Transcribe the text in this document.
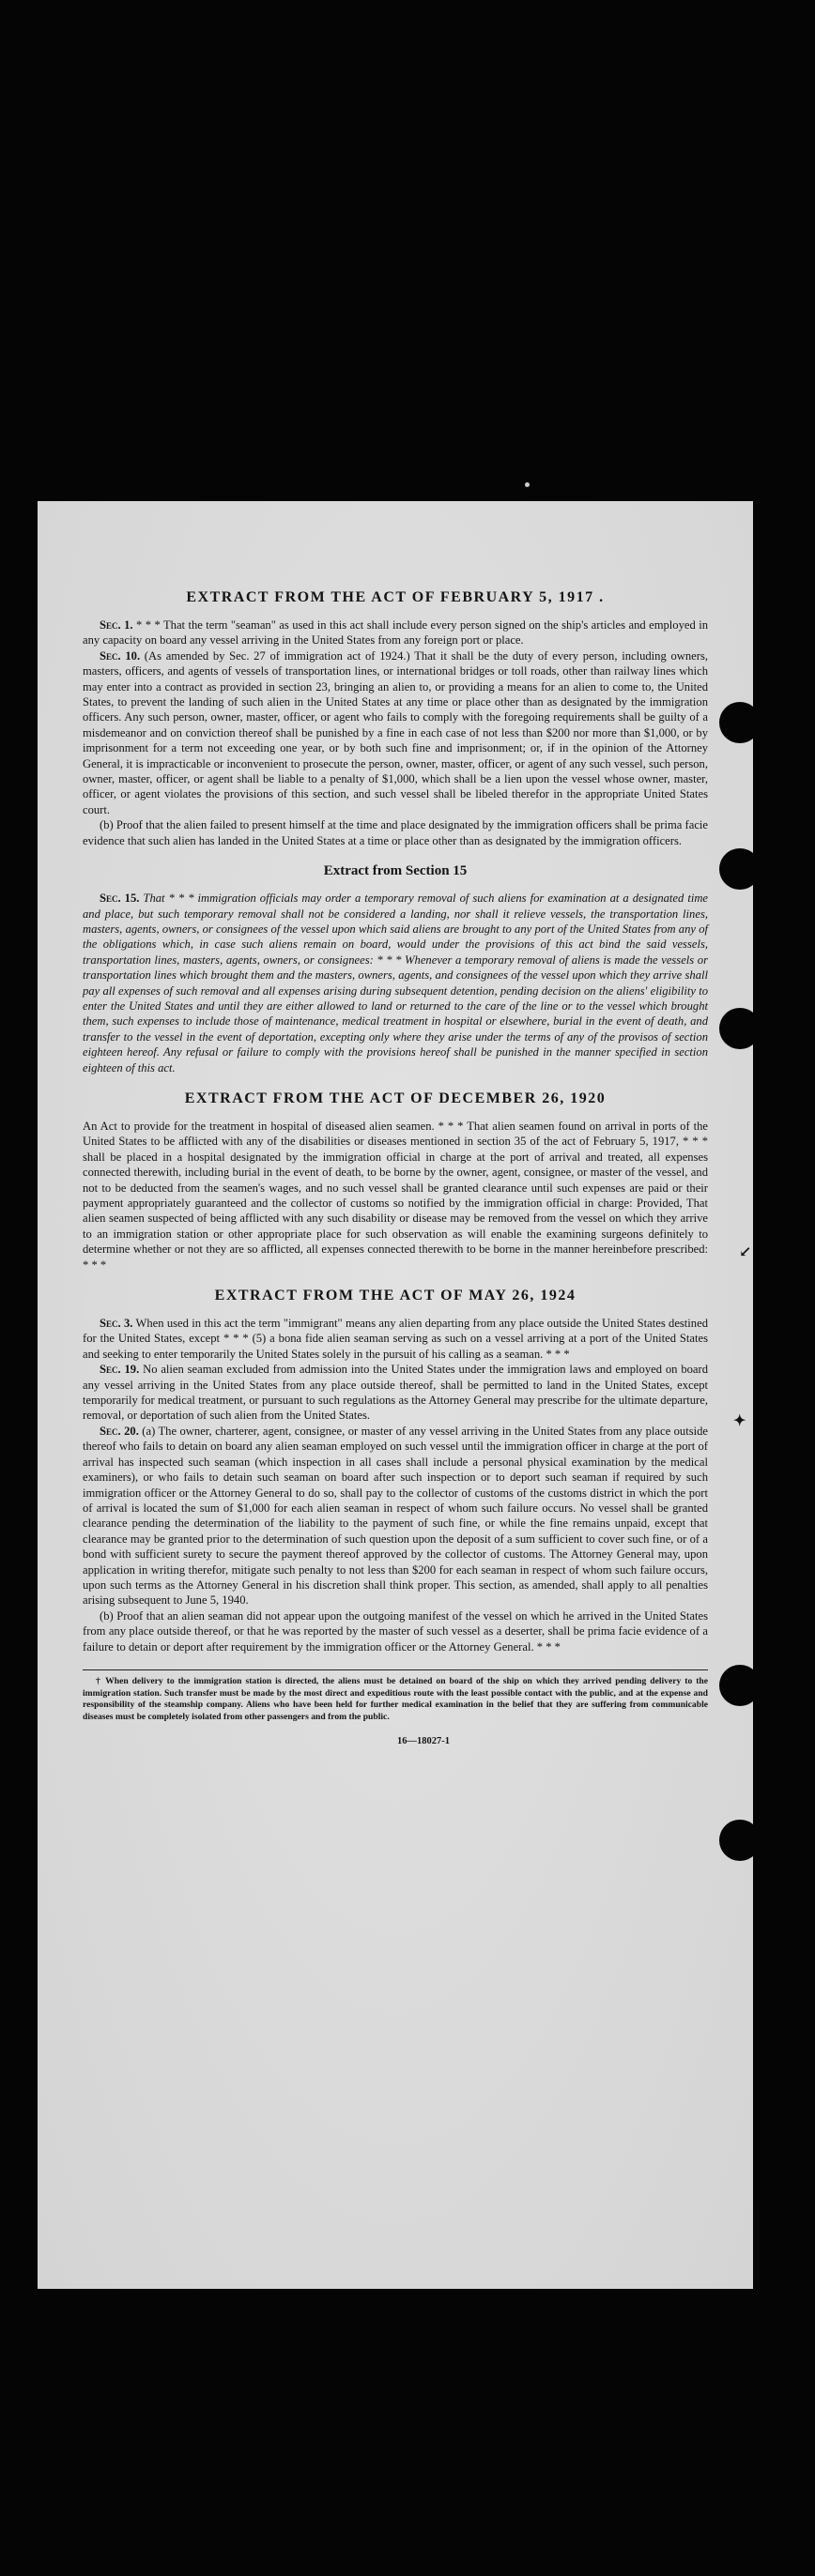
↙
✦
EXTRACT FROM THE ACT OF FEBRUARY 5, 1917 .

Sec. 1. * * * That the term "seaman" as used in this act shall include every person signed on the ship's articles and employed in any capacity on board any vessel arriving in the United States from any foreign port or place.

Sec. 10. (As amended by Sec. 27 of immigration act of 1924.) That it shall be the duty of every person, including owners, masters, officers, and agents of vessels of transportation lines, or international bridges or toll roads, other than railway lines which may enter into a contract as provided in section 23, bringing an alien to, or providing a means for an alien to come to, the United States, to prevent the landing of such alien in the United States at any time or place other than as designated by the immigration officers. Any such person, owner, master, officer, or agent who fails to comply with the foregoing requirements shall be guilty of a misdemeanor and on conviction thereof shall be punished by a fine in each case of not less than $200 nor more than $1,000, or by imprisonment for a term not exceeding one year, or by both such fine and imprisonment; or, if in the opinion of the Attorney General, it is impracticable or inconvenient to prosecute the person, owner, master, officer, or agent of any such vessel, such person, owner, master, officer, or agent shall be liable to a penalty of $1,000, which shall be a lien upon the vessel whose owner, master, officer, or agent violates the provisions of this section, and such vessel shall be libeled therefor in the appropriate United States court.

(b) Proof that the alien failed to present himself at the time and place designated by the immigration officers shall be prima facie evidence that such alien has landed in the United States at a time or place other than as designated by the immigration officers.

Extract from Section 15

Sec. 15. That * * * immigration officials may order a temporary removal of such aliens for examination at a designated time and place, but such temporary removal shall not be considered a landing, nor shall it relieve vessels, the transportation lines, masters, agents, owners, or consignees of the vessel upon which said aliens are brought to any port of the United States from any of the obligations which, in case such aliens remain on board, would under the provisions of this act bind the said vessels, transportation lines, masters, agents, owners, or consignees: * * * Whenever a temporary removal of aliens is made the vessels or transportation lines which brought them and the masters, owners, agents, and consignees of the vessel upon which they arrive shall pay all expenses of such removal and all expenses arising during subsequent detention, pending decision on the aliens' eligibility to enter the United States and until they are either allowed to land or returned to the care of the line or to the vessel which brought them, such expenses to include those of maintenance, medical treatment in hospital or elsewhere, burial in the event of death, and transfer to the vessel in the event of deportation, excepting only where they arise under the terms of any of the provisos of section eighteen hereof. Any refusal or failure to comply with the provisions hereof shall be punished in the manner specified in section eighteen of this act.

EXTRACT FROM THE ACT OF DECEMBER 26, 1920

An Act to provide for the treatment in hospital of diseased alien seamen. * * * That alien seamen found on arrival in ports of the United States to be afflicted with any of the disabilities or diseases mentioned in section 35 of the act of February 5, 1917, * * * shall be placed in a hospital designated by the immigration official in charge at the port of arrival and treated, all expenses connected therewith, including burial in the event of death, to be borne by the owner, agent, consignee, or master of the vessel, and not to be deducted from the seamen's wages, and no such vessel shall be granted clearance until such expenses are paid or their payment appropriately guaranteed and the collector of customs so notified by the immigration official in charge: Provided, That alien seamen suspected of being afflicted with any such disability or disease may be removed from the vessel on which they arrive to an immigration station or other appropriate place for such observation as will enable the examining surgeons definitely to determine whether or not they are so afflicted, all expenses connected therewith to be borne in the manner hereinbefore prescribed: * * *

EXTRACT FROM THE ACT OF MAY 26, 1924

Sec. 3. When used in this act the term "immigrant" means any alien departing from any place outside the United States destined for the United States, except * * * (5) a bona fide alien seaman serving as such on a vessel arriving at a port of the United States and seeking to enter temporarily the United States solely in the pursuit of his calling as a seaman. * * *

Sec. 19. No alien seaman excluded from admission into the United States under the immigration laws and employed on board any vessel arriving in the United States from any place outside thereof, shall be permitted to land in the United States, except temporarily for medical treatment, or pursuant to such regulations as the Attorney General may prescribe for the ultimate departure, removal, or deportation of such alien from the United States.

Sec. 20. (a) The owner, charterer, agent, consignee, or master of any vessel arriving in the United States from any place outside thereof who fails to detain on board any alien seaman employed on such vessel until the immigration officer in charge at the port of arrival has inspected such seaman (which inspection in all cases shall include a personal physical examination by the medical examiners), or who fails to detain such seaman on board after such inspection or to deport such seaman if required by such immigration officer or the Attorney General to do so, shall pay to the collector of customs of the customs district in which the port of arrival is located the sum of $1,000 for each alien seaman in respect of whom such failure occurs. No vessel shall be granted clearance pending the determination of the liability to the payment of such fine, or while the fine remains unpaid, except that clearance may be granted prior to the determination of such question upon the deposit of a sum sufficient to cover such fine, or of a bond with sufficient surety to secure the payment thereof approved by the collector of customs. The Attorney General may, upon application in writing therefor, mitigate such penalty to not less than $200 for each seaman in respect of whom such failure occurs, upon such terms as the Attorney General in his discretion shall think proper. This section, as amended, shall apply to all penalties arising subsequent to June 5, 1940.

(b) Proof that an alien seaman did not appear upon the outgoing manifest of the vessel on which he arrived in the United States from any place outside thereof, or that he was reported by the master of such vessel as a deserter, shall be prima facie evidence of a failure to detain or deport after requirement by the immigration officer or the Attorney General. * * *

† When delivery to the immigration station is directed, the aliens must be detained on board of the ship on which they arrived pending delivery to the immigration station. Such transfer must be made by the most direct and expeditious route with the least possible contact with the public, and at the expense and responsibility of the steamship company. Aliens who have been held for further medical examination in the belief that they are suffering from communicable diseases must be completely isolated from other passengers and from the public.

16—18027-1
